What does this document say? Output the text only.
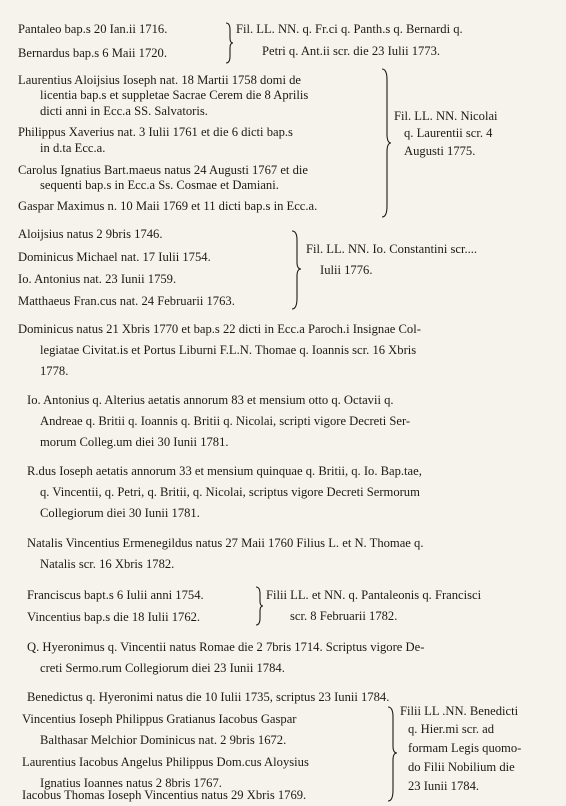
Pantaleo bap.s 20 Ian.ii 1716.
Bernardus bap.s 6 Maii 1720.
Fil. LL. NN. q. Fr.ci q. Panth.s q. Bernardi q.
Petri q. Ant.ii scr. die 23 Iulii 1773.
Laurentius Aloijsius Ioseph nat. 18 Martii 1758 domi de
licentia bap.s et suppletae Sacrae Cerem die 8 Aprilis
dicti anni in Ecc.a SS. Salvatoris.
Philippus Xaverius nat. 3 Iulii 1761 et die 6 dicti bap.s
in d.ta Ecc.a.
Carolus Ignatius Bart.maeus natus 24 Augusti 1767 et die
sequenti bap.s in Ecc.a Ss. Cosmae et Damiani.
Gaspar Maximus n. 10 Maii 1769 et 11 dicti bap.s in Ecc.a.
Fil. LL. NN. Nicolai
q. Laurentii scr. 4
Augusti 1775.
Aloijsius natus 2 9bris 1746.
Dominicus Michael nat. 17 Iulii 1754.
Io. Antonius nat. 23 Iunii 1759.
Matthaeus Fran.cus nat. 24 Februarii 1763.
Fil. LL. NN. Io. Constantini scr....
Iulii 1776.
Dominicus natus 21 Xbris 1770 et bap.s 22 dicti in Ecc.a Paroch.i Insignae Col-
legiatae Civitat.is et Portus Liburni F.L.N. Thomae q. Ioannis scr. 16 Xbris
1778.
Io. Antonius q. Alterius aetatis annorum 83 et mensium otto q. Octavii q.
Andreae q. Britii q. Ioannis q. Britii q. Nicolai, scripti vigore Decreti Ser-
morum Colleg.um diei 30 Iunii 1781.
R.dus Ioseph aetatis annorum 33 et mensium quinquae q. Britii, q. Io. Bap.tae,
q. Vincentii, q. Petri, q. Britii, q. Nicolai, scriptus vigore Decreti Sermorum
Collegiorum diei 30 Iunii 1781.
Natalis Vincentius Ermenegildus natus 27 Maii 1760 Filius L. et N. Thomae q.
Natalis scr. 16 Xbris 1782.
Franciscus bapt.s 6 Iulii anni 1754.
Vincentius bap.s die 18 Iulii 1762.
Filii LL. et NN. q. Pantaleonis q. Francisci
scr. 8 Februarii 1782.
Q. Hyeronimus q. Vincentii natus Romae die 2 7bris 1714. Scriptus vigore De-
creti Sermo.rum Collegiorum diei 23 Iunii 1784.
Benedictus q. Hyeronimi natus die 10 Iulii 1735, scriptus 23 Iunii 1784.
Vincentius Ioseph Philippus Gratianus Iacobus Gaspar
Balthasar Melchior Dominicus nat. 2 9bris 1672.
Laurentius Iacobus Angelus Philippus Dom.cus Aloysius
Ignatius Ioannes natus 2 8bris 1767.
Iacobus Thomas Ioseph Vincentius natus 29 Xbris 1769.
Filii LL .NN. Benedicti
q. Hier.mi scr. ad
formam Legis quomo-
do Filii Nobilium die
23 Iunii 1784.
